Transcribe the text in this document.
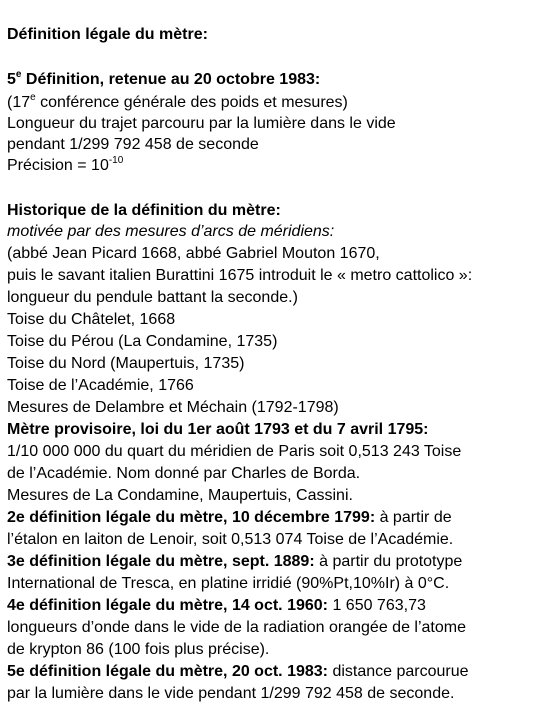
Définition légale du mètre:
5e Définition, retenue au 20 octobre 1983:
(17e conférence générale des poids et mesures)
Longueur du trajet parcouru par la lumière dans le vide
pendant 1/299 792 458 de seconde
Précision = $10^{-10}$
Historique de la définition du mètre:
motivée par des mesures d’arcs de méridiens:
(abbé Jean Picard 1668, abbé Gabriel Mouton 1670,
puis le savant italien Burattini 1675 introduit le « metro cattolico »:
longueur du pendule battant la seconde.)
Toise du Châtelet, 1668
Toise du Pérou (La Condamine, 1735)
Toise du Nord (Maupertuis, 1735)
Toise de l’Académie, 1766
Mesures de Delambre et Méchain (1792-1798)
Mètre provisoire, loi du 1er août 1793 et du 7 avril 1795:
1/10 000 000 du quart du méridien de Paris soit 0,513 243 Toise
de l’Académie. Nom donné par Charles de Borda.
Mesures de La Condamine, Maupertuis, Cassini.
2e définition légale du mètre, 10 décembre 1799: à partir de
l’étalon en laiton de Lenoir, soit 0,513 074 Toise de l’Académie.
3e définition légale du mètre, sept. 1889: à partir du prototype
International de Tresca, en platine irridié (90%Pt,10%Ir) à 0°C.
4e définition légale du mètre, 14 oct. 1960: 1 650 763,73
longueurs d’onde dans le vide de la radiation orangée de l’atome
de krypton 86 (100 fois plus précise).
5e définition légale du mètre, 20 oct. 1983: distance parcourue
par la lumière dans le vide pendant 1/299 792 458 de seconde.
